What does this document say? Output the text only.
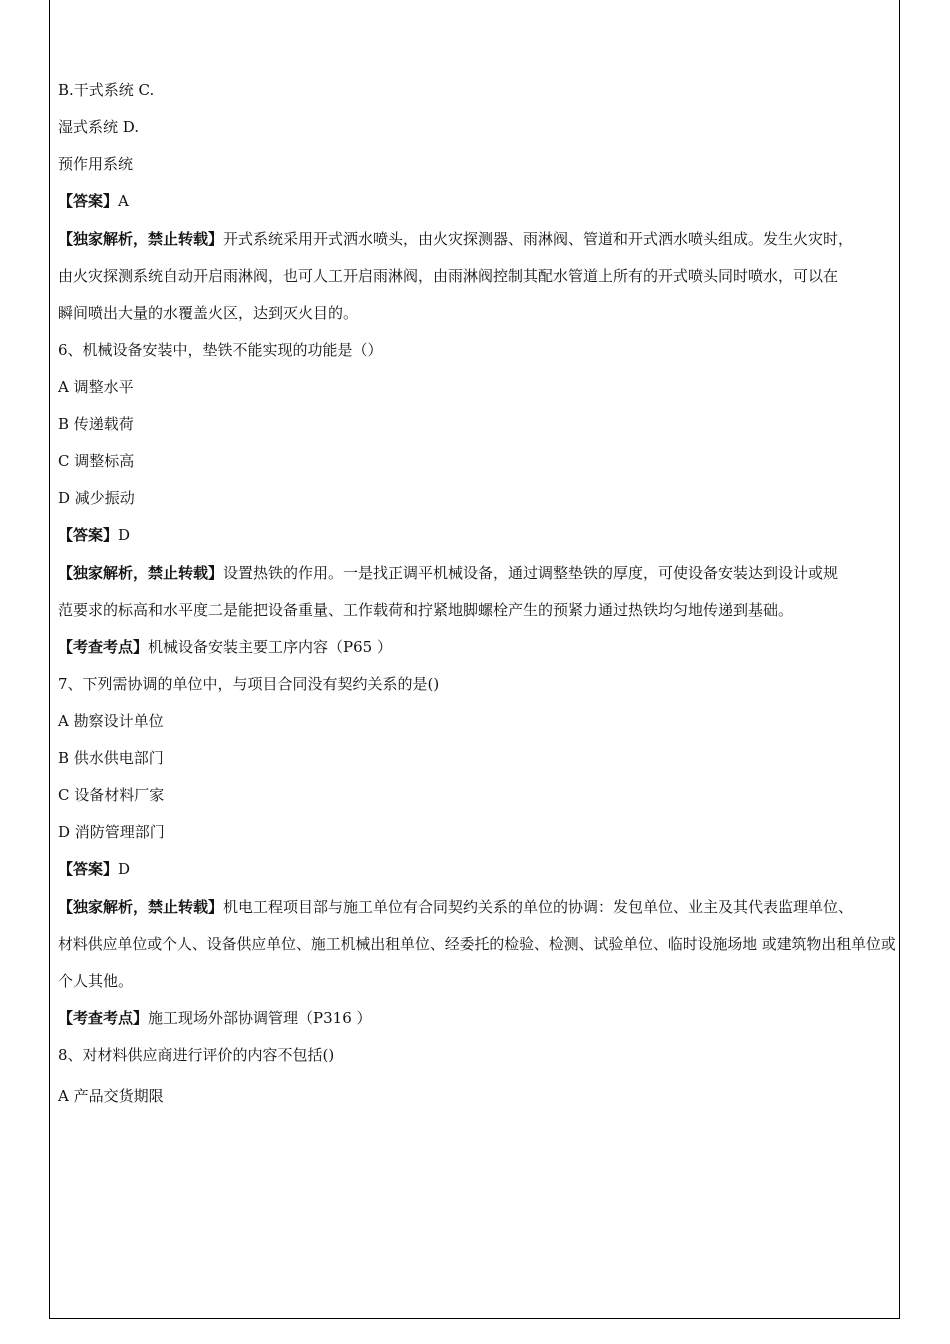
B.干式系统 C.
湿式系统 D.
预作用系统
【答案】A
【独家解析，禁止转载】开式系统采用开式洒水喷头，由火灾探测器、雨淋阀、管道和开式洒水喷头组成。发生火灾时，
由火灾探测系统自动开启雨淋阀，也可人工开启雨淋阀，由雨淋阀控制其配水管道上所有的开式喷头同时喷水，可以在
瞬间喷出大量的水覆盖火区，达到灭火目的。
6、机械设备安装中，垫铁不能实现的功能是（）
A 调整水平
B 传递载荷
C 调整标高
D 减少振动
【答案】D
【独家解析，禁止转载】设置热铁的作用。一是找正调平机械设备，通过调整垫铁的厚度，可使设备安装达到设计或规
范要求的标高和水平度二是能把设备重量、工作载荷和拧紧地脚螺栓产生的预紧力通过热铁均匀地传递到基础。
【考查考点】机械设备安装主要工序内容（P65 ）
7、下列需协调的单位中，与项目合同没有契约关系的是()
A 勘察设计单位
B 供水供电部门
C 设备材料厂家
D 消防管理部门
【答案】D
【独家解析，禁止转载】机电工程项目部与施工单位有合同契约关系的单位的协调：发包单位、业主及其代表监理单位、
材料供应单位或个人、设备供应单位、施工机械出租单位、经委托的检验、检测、试验单位、临时设施场地 或建筑物出租单位或
个人其他。
【考查考点】施工现场外部协调管理（P316 ）
8、对材料供应商进行评价的内容不包括()
A 产品交货期限
